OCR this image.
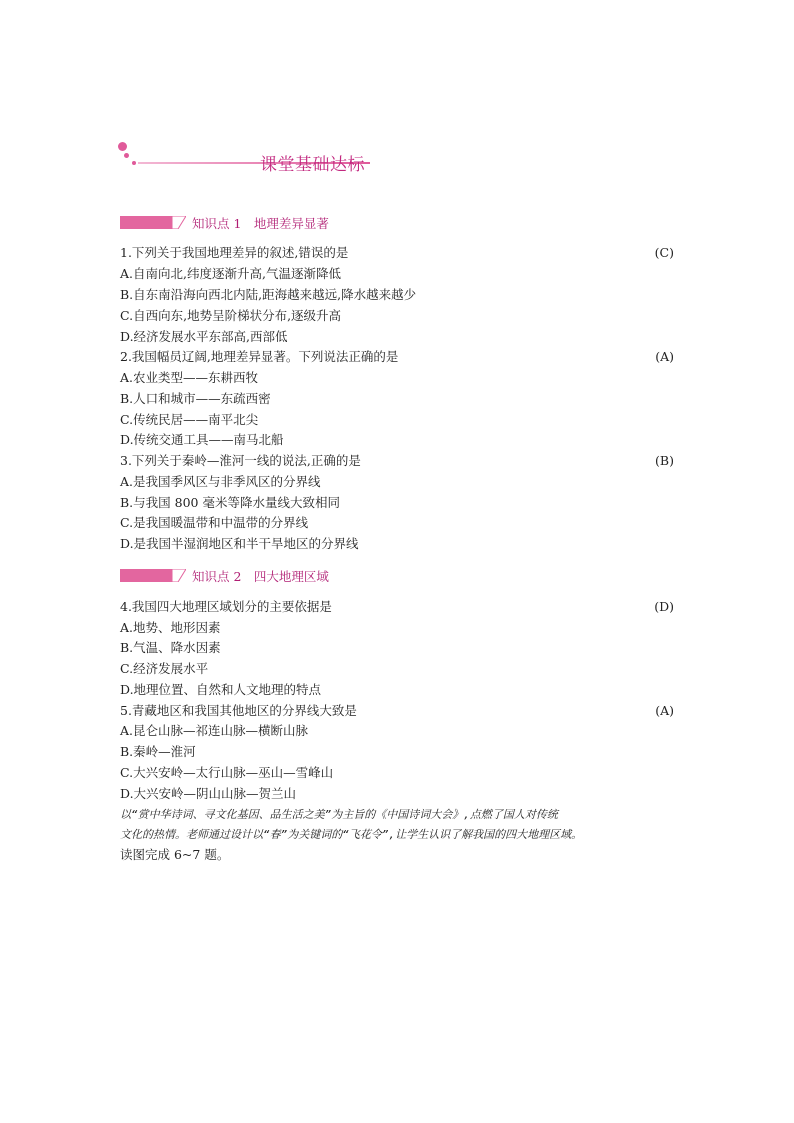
课堂基础达标
知识点 1　地理差异显著
1.下列关于我国地理差异的叙述,错误的是	(C)
A.自南向北,纬度逐渐升高,气温逐渐降低
B.自东南沿海向西北内陆,距海越来越远,降水越来越少
C.自西向东,地势呈阶梯状分布,逐级升高
D.经济发展水平东部高,西部低
2.我国幅员辽阔,地理差异显著。下列说法正确的是	(A)
A.农业类型——东耕西牧
B.人口和城市——东疏西密
C.传统民居——南平北尖
D.传统交通工具——南马北船
3.下列关于秦岭—淮河一线的说法,正确的是	(B)
A.是我国季风区与非季风区的分界线
B.与我国 800 毫米等降水量线大致相同
C.是我国暖温带和中温带的分界线
D.是我国半湿润地区和半干旱地区的分界线
知识点 2　四大地理区域
4.我国四大地理区域划分的主要依据是	(D)
A.地势、地形因素
B.气温、降水因素
C.经济发展水平
D.地理位置、自然和人文地理的特点
5.青藏地区和我国其他地区的分界线大致是	(A)
A.昆仑山脉—祁连山脉—横断山脉
B.秦岭—淮河
C.大兴安岭—太行山脉—巫山—雪峰山
D.大兴安岭—阴山山脉—贺兰山
以“赏中华诗词、寻文化基因、品生活之美”为主旨的《中国诗词大会》,点燃了国人对传统
文化的热情。老师通过设计以“春”为关键词的“飞花令”,让学生认识了解我国的四大地理区域。
读图完成 6~7 题。
